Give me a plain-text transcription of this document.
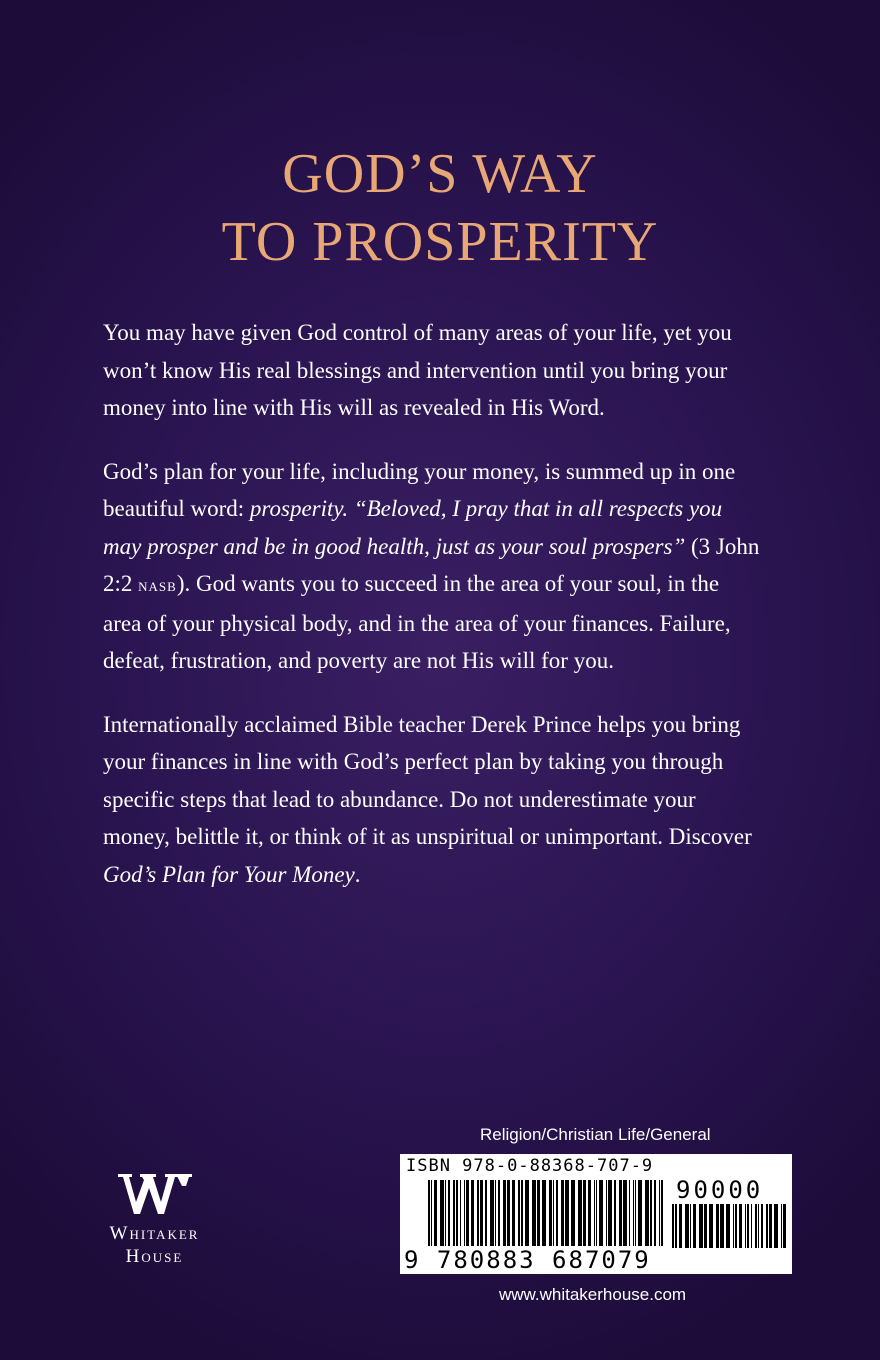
GOD’S WAY
TO PROSPERITY

You may have given God control of many areas of your life, yet you won’t know His real blessings and intervention until you bring your money into line with His will as revealed in His Word.

God’s plan for your life, including your money, is summed up in one beautiful word: prosperity. “Beloved, I pray that in all respects you may prosper and be in good health, just as your soul prospers” (3 John 2:2 nasb). God wants you to succeed in the area of your soul, in the area of your physical body, and in the area of your finances. Failure, defeat, frustration, and poverty are not His will for you.

Internationally acclaimed Bible teacher Derek Prince helps you bring your finances in line with God’s perfect plan by taking you through specific steps that lead to abundance. Do not underestimate your money, belittle it, or think of it as unspiritual or unimportant. Discover God’s Plan for Your Money.

Whitaker
House
Religion/Christian Life/General
ISBN 978-0-88368-707-9
90000
9 780883 687079
www.whitakerhouse.com
